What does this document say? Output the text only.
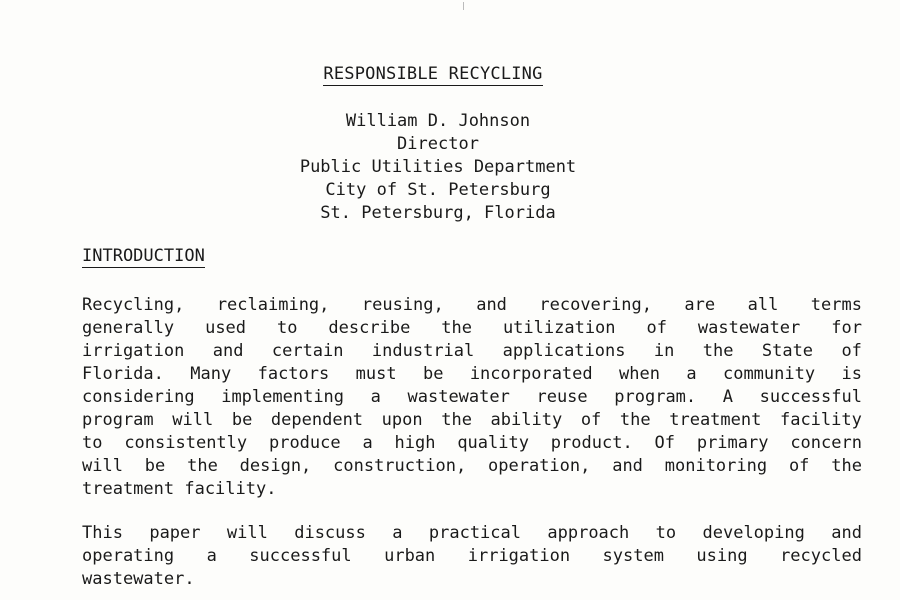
RESPONSIBLE RECYCLING
William D. Johnson
Director
Public Utilities Department
City of St. Petersburg
St. Petersburg, Florida
INTRODUCTION
Recycling, reclaiming, reusing, and recovering, are all terms
generally used to describe the utilization of wastewater for
irrigation and certain industrial applications in the State of
Florida. Many factors must be incorporated when a community is
considering implementing a wastewater reuse program. A successful
program will be dependent upon the ability of the treatment facility
to consistently produce a high quality product. Of primary concern
will be the design, construction, operation, and monitoring of the
treatment facility.
This paper will discuss a practical approach to developing and
operating a successful urban irrigation system using recycled
wastewater.
